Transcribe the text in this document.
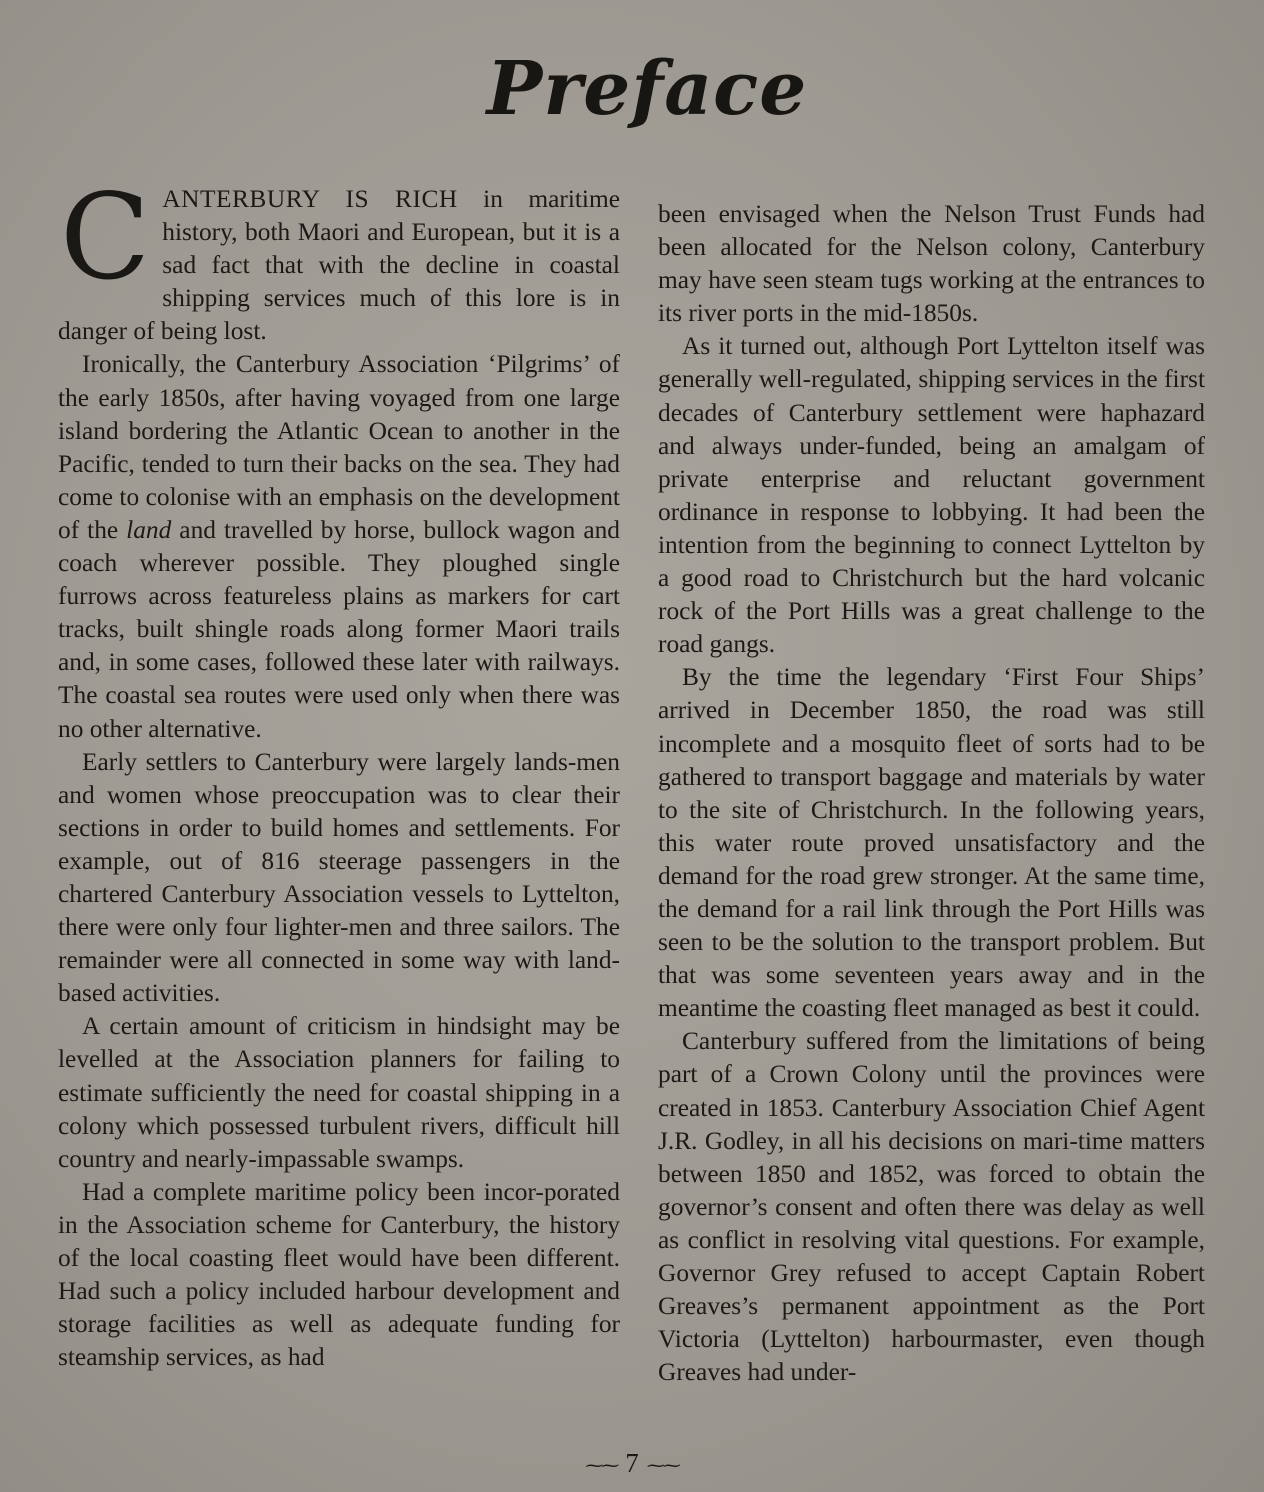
Preface

CANTERBURY IS RICH in maritime history, both Maori and European, but it is a sad fact that with the decline in coastal shipping services much of this lore is in danger of being lost.

Ironically, the Canterbury Association ‘Pilgrims’ of the early 1850s, after having voyaged from one large island bordering the Atlantic Ocean to another in the Pacific, tended to turn their backs on the sea. They had come to colonise with an emphasis on the development of the land and travelled by horse, bullock wagon and coach wherever possible. They ploughed single furrows across featureless plains as markers for cart tracks, built shingle roads along former Maori trails and, in some cases, followed these later with railways. The coastal sea routes were used only when there was no other alternative.

Early settlers to Canterbury were largely lands-men and women whose preoccupation was to clear their sections in order to build homes and settlements. For example, out of 816 steerage passengers in the chartered Canterbury Association vessels to Lyttelton, there were only four lighter-men and three sailors. The remainder were all connected in some way with land-based activities.

A certain amount of criticism in hindsight may be levelled at the Association planners for failing to estimate sufficiently the need for coastal shipping in a colony which possessed turbulent rivers, difficult hill country and nearly-impassable swamps.

Had a complete maritime policy been incor-porated in the Association scheme for Canterbury, the history of the local coasting fleet would have been different. Had such a policy included harbour development and storage facilities as well as adequate funding for steamship services, as had

been envisaged when the Nelson Trust Funds had been allocated for the Nelson colony, Canterbury may have seen steam tugs working at the entrances to its river ports in the mid-1850s.

As it turned out, although Port Lyttelton itself was generally well-regulated, shipping services in the first decades of Canterbury settlement were haphazard and always under-funded, being an amalgam of private enterprise and reluctant government ordinance in response to lobbying. It had been the intention from the beginning to connect Lyttelton by a good road to Christchurch but the hard volcanic rock of the Port Hills was a great challenge to the road gangs.

By the time the legendary ‘First Four Ships’ arrived in December 1850, the road was still incomplete and a mosquito fleet of sorts had to be gathered to transport baggage and materials by water to the site of Christchurch. In the following years, this water route proved unsatisfactory and the demand for the road grew stronger. At the same time, the demand for a rail link through the Port Hills was seen to be the solution to the transport problem. But that was some seventeen years away and in the meantime the coasting fleet managed as best it could.

Canterbury suffered from the limitations of being part of a Crown Colony until the provinces were created in 1853. Canterbury Association Chief Agent J.R. Godley, in all his decisions on mari-time matters between 1850 and 1852, was forced to obtain the governor’s consent and often there was delay as well as conflict in resolving vital questions. For example, Governor Grey refused to accept Captain Robert Greaves’s permanent appointment as the Port Victoria (Lyttelton) harbourmaster, even though Greaves had under-

⁓⁓ 7 ⁓⁓
